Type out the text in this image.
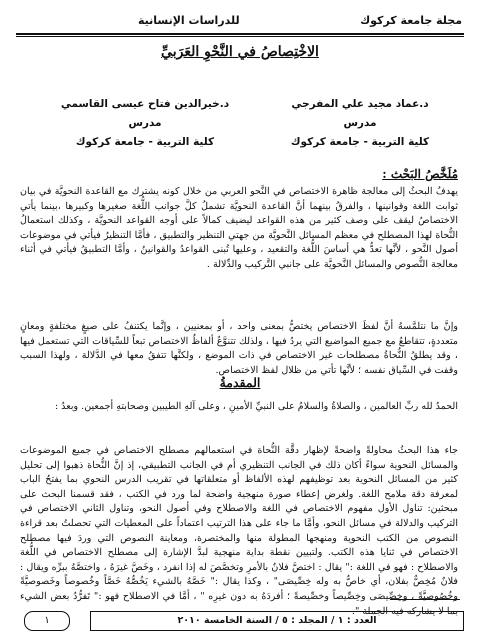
مجلة جامعة كركوك
للدراسات الإنسانية
الاخْتِصاصُ في النَّحْوِ العَرَبيِّ
د.عماد مجيد علي المفرجي
مدرس
كلية التربية - جامعة كركوك
د.خيرالدين فتاح عيسى القاسمي
مدرس
كلية التربية - جامعة كركوك
مُلَخَّصُ البَحْث :
يهدفُ البحثُ إلى معالجة ظاهرة الاختصاص في النَّحو العربي من خلال كونه يشترك مع القاعدة النحويَّة في بيان ثوابت اللغة وقوانينها ، والفرقُ بينهما أنَّ القاعدة النحويَّة تشملُ كلَّ جوانب اللُّغة صغيرها وكبيرها ،بينما يأتي الاختصاصُ ليقف على وصف كثير من هذه القواعد ليضيف كمالاً على أوجه القواعد النحويَّة ، وكذلك استعمالُ النُّحاة لهذا المصطلح في معظم المسائل النَّحويَّة من جهتي التنظير والتطبيق ، فأمَّا التنظيرُ فيأتي في موضوعات أصول النَّحو ، لأنَّها تعدُّ هي أساسَ اللُّغة والتقعيد ، وعليها تُبنى القواعدُ والقوانينُ ، وأمَّا التطبيقُ فيأتي في أثناء معالجة النُّصوص والمسائل النَّحويَّة على جانبي التَّركيب والدِّلالة .
وإنَّ ما نتلمَّسهُ أنَّ لفظَ الاختصاص يختصُّ بمعنى واحد ، أو بمعنيين ، وإنَّما يكتنفُ على صيغٍ مختلفةٍ ومعانٍ متعددةٍ، تتقاطعُ مع جميع المواضيع التي يردُ فيها ، ولذلك تتنوَّعُ ألفاظُ الاختصاص تبعاً للسِّياقات التي تستعمل فيها ، وقد يطلقُ النُّحاةُ مصطلحات غير الاختصاص في ذات الموضع ، ولكنَّها تتفقُ معها في الدَّلالة ، ولهذا السبب وقفت في السِّياق نفسه ؛ لأنَّها تأتي من ظلال لفظ الاختصاص.
المقدمةُ
الحمدُ لله ربِّ العالمين ، والصلاةُ والسلامُ على النبيِّ الأمينِ ، وعلى آلهِ الطيبين وصحابتهِ أجمعين. وبعدُ :
جاء هذا البحثُ محاولةً واضحةً لإظهار دقَّة النُّحاة في استعمالهم مصطلح الاختصاص في جميع الموضوعات والمسائل النحوية سواءً أكان ذلك في الجانب التنظيري أم في الجانب التطبيقي، إذ إنَّ النُّحاة ذهبوا إلى تحليل كثير من المسائل النحوية بعد توظيفهم لهذه الألفاظ أو متعلقاتها في تقريب الدرس النحوي بما يفتحُ الباب لمعرفة دقة ملامح اللغة. ولغرض إعطاء صورة منهجية واضحة لما ورد في الكتب ، فقد قسمنا البحث على مبحثين: تناول الأول مفهوم الاختصاص في اللغة والاصطلاح وفي أصول النحو، وتناول الثاني الاختصاص في التركيب والدلالة في مسائل النحو، وأمَّا ما جاء على هذا الترتيب اعتماداً على المعطيات التي تحصلتُ بعد قراءة النصوص من الكتب النحوية ومنهجها المطولة منها والمختصرة، ومعاينة النصوص التي وردَ فيها مصطلح الاختصاص في ثنايا هذه الكتب. ولتبيين نقطة بداية منهجية لبدَّ الإشارة إلى مصطلح الاختصاص في اللُّغة والاصطلاح : فهو في اللغة :" يقال : اختصَّ فلانٌ بالأمرِ وتخصَّصَ له إذا انفرد ، وخَصَّ غيرَهُ ، واختصَّهُ ببرِّه ويقال : فلانٌ مُخِصٌّ بفلان، أي خاصٌّ به وله خِصِّيصَى" ، وكذا يقال :" خَصَّهُ بالشيء يَخُصُّهُ خَصَّاً وخُصوصاً وخَصوصيَّةً وخُصُوصيَّةً ، وخِصِّيصَى وخِصِّيصاً وخصِّيصةً ؛ أفردَهُ به دون غيرِه " ، أمَّا في الاصطلاح فهو :" تَفرُّدُ بعض الشيء بما لا يشاركه فيه الجملة ".
العدد : ١ / المجلد : ٥ / السنة الخامسة ٢٠١٠
١
